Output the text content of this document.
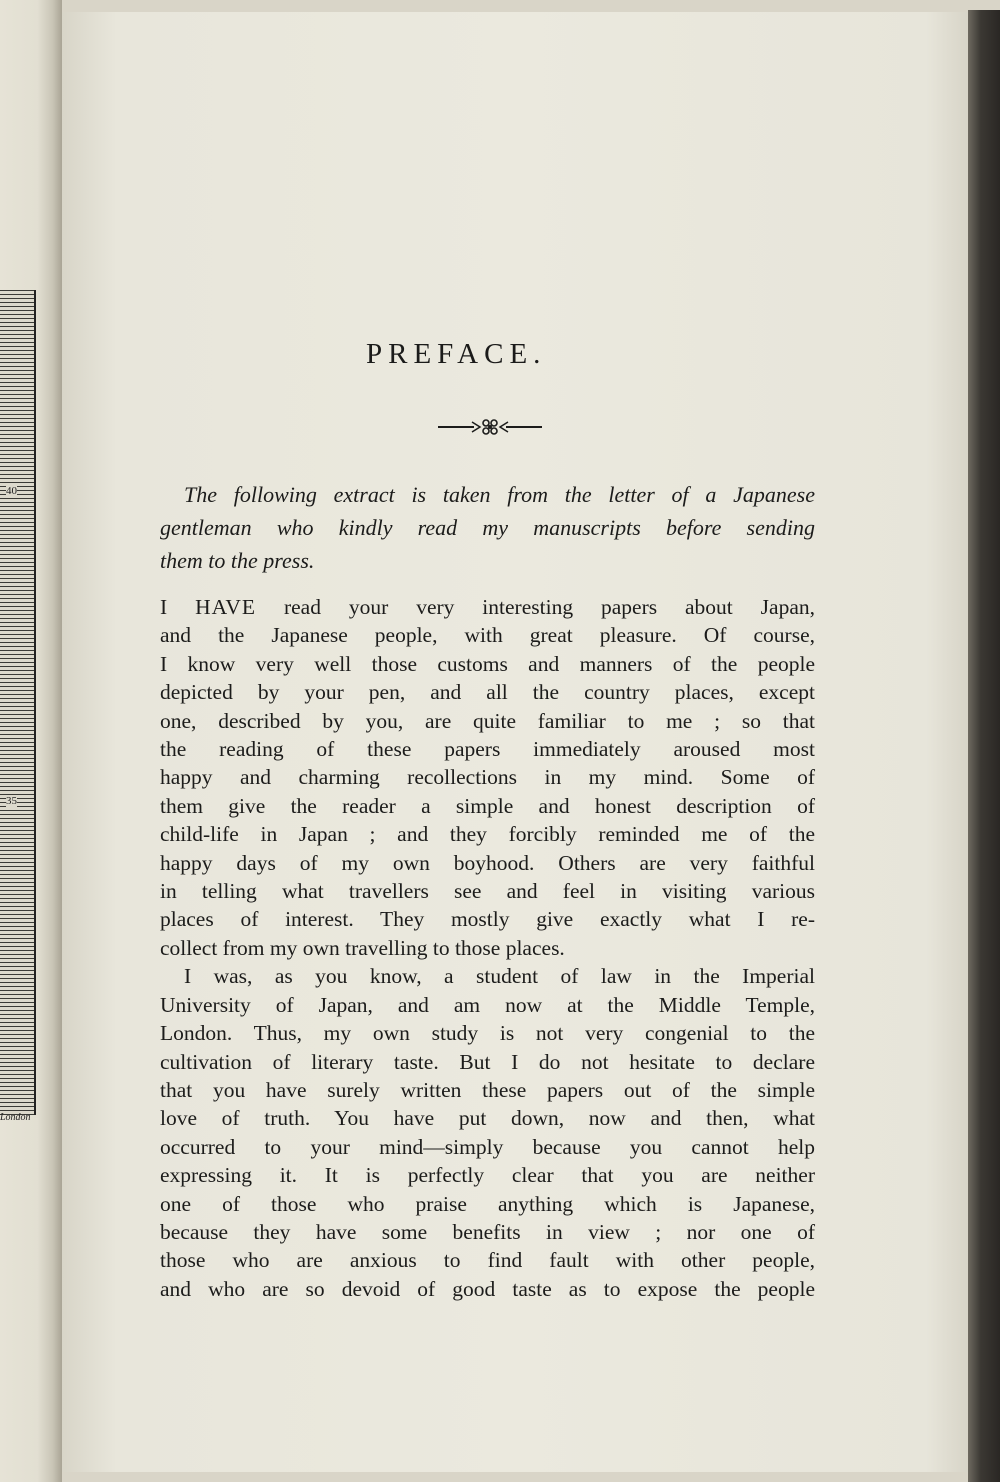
40
35
London
PREFACE.
The following extract is taken from the letter of a Japanese
gentleman who kindly read my manuscripts before sending
them to the press.
I HAVE read your very interesting papers about Japan,
and the Japanese people, with great pleasure. Of course,
I know very well those customs and manners of the people
depicted by your pen, and all the country places, except
one, described by you, are quite familiar to me ; so that
the reading of these papers immediately aroused most
happy and charming recollections in my mind. Some of
them give the reader a simple and honest description of
child-life in Japan ; and they forcibly reminded me of the
happy days of my own boyhood. Others are very faithful
in telling what travellers see and feel in visiting various
places of interest. They mostly give exactly what I re-
collect from my own travelling to those places.
I was, as you know, a student of law in the Imperial
University of Japan, and am now at the Middle Temple,
London. Thus, my own study is not very congenial to the
cultivation of literary taste. But I do not hesitate to declare
that you have surely written these papers out of the simple
love of truth. You have put down, now and then, what
occurred to your mind—simply because you cannot help
expressing it. It is perfectly clear that you are neither
one of those who praise anything which is Japanese,
because they have some benefits in view ; nor one of
those who are anxious to find fault with other people,
and who are so devoid of good taste as to expose the people
